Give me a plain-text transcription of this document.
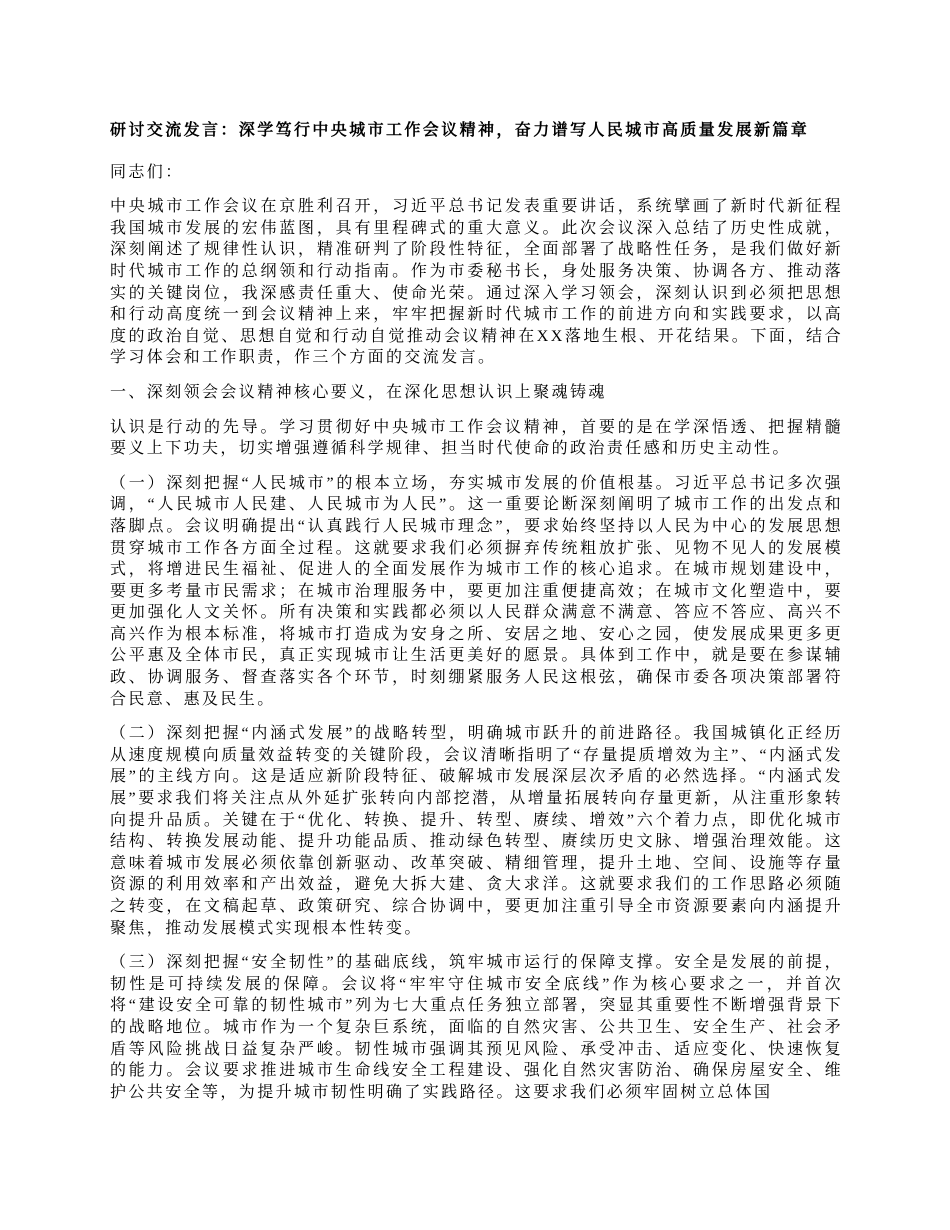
研讨交流发言：深学笃行中央城市工作会议精神，奋力谱写人民城市高质量发展新篇章

同志们：

中央城市工作会议在京胜利召开，习近平总书记发表重要讲话，系统擘画了新时代新征程我国城市发展的宏伟蓝图，具有里程碑式的重大意义。此次会议深入总结了历史性成就，深刻阐述了规律性认识，精准研判了阶段性特征，全面部署了战略性任务，是我们做好新时代城市工作的总纲领和行动指南。作为市委秘书长，身处服务决策、协调各方、推动落实的关键岗位，我深感责任重大、使命光荣。通过深入学习领会，深刻认识到必须把思想和行动高度统一到会议精神上来，牢牢把握新时代城市工作的前进方向和实践要求，以高度的政治自觉、思想自觉和行动自觉推动会议精神在XX落地生根、开花结果。下面，结合学习体会和工作职责，作三个方面的交流发言。

一、深刻领会会议精神核心要义，在深化思想认识上聚魂铸魂

认识是行动的先导。学习贯彻好中央城市工作会议精神，首要的是在学深悟透、把握精髓要义上下功夫，切实增强遵循科学规律、担当时代使命的政治责任感和历史主动性。

（一）深刻把握“人民城市”的根本立场，夯实城市发展的价值根基。习近平总书记多次强调，“人民城市人民建、人民城市为人民”。这一重要论断深刻阐明了城市工作的出发点和落脚点。会议明确提出“认真践行人民城市理念”，要求始终坚持以人民为中心的发展思想贯穿城市工作各方面全过程。这就要求我们必须摒弃传统粗放扩张、见物不见人的发展模式，将增进民生福祉、促进人的全面发展作为城市工作的核心追求。在城市规划建设中，要更多考量市民需求；在城市治理服务中，要更加注重便捷高效；在城市文化塑造中，要更加强化人文关怀。所有决策和实践都必须以人民群众满意不满意、答应不答应、高兴不高兴作为根本标准，将城市打造成为安身之所、安居之地、安心之园，使发展成果更多更公平惠及全体市民，真正实现城市让生活更美好的愿景。具体到工作中，就是要在参谋辅政、协调服务、督查落实各个环节，时刻绷紧服务人民这根弦，确保市委各项决策部署符合民意、惠及民生。

（二）深刻把握“内涵式发展”的战略转型，明确城市跃升的前进路径。我国城镇化正经历从速度规模向质量效益转变的关键阶段，会议清晰指明了“存量提质增效为主”、“内涵式发展”的主线方向。这是适应新阶段特征、破解城市发展深层次矛盾的必然选择。“内涵式发展”要求我们将关注点从外延扩张转向内部挖潜，从增量拓展转向存量更新，从注重形象转向提升品质。关键在于“优化、转换、提升、转型、赓续、增效”六个着力点，即优化城市结构、转换发展动能、提升功能品质、推动绿色转型、赓续历史文脉、增强治理效能。这意味着城市发展必须依靠创新驱动、改革突破、精细管理，提升土地、空间、设施等存量资源的利用效率和产出效益，避免大拆大建、贪大求洋。这就要求我们的工作思路必须随之转变，在文稿起草、政策研究、综合协调中，要更加注重引导全市资源要素向内涵提升聚焦，推动发展模式实现根本性转变。

（三）深刻把握“安全韧性”的基础底线，筑牢城市运行的保障支撑。安全是发展的前提，韧性是可持续发展的保障。会议将“牢牢守住城市安全底线”作为核心要求之一，并首次将“建设安全可靠的韧性城市”列为七大重点任务独立部署，突显其重要性不断增强背景下的战略地位。城市作为一个复杂巨系统，面临的自然灾害、公共卫生、安全生产、社会矛盾等风险挑战日益复杂严峻。韧性城市强调其预见风险、承受冲击、适应变化、快速恢复的能力。会议要求推进城市生命线安全工程建设、强化自然灾害防治、确保房屋安全、维护公共安全等，为提升城市韧性明确了实践路径。这要求我们必须牢固树立总体国
